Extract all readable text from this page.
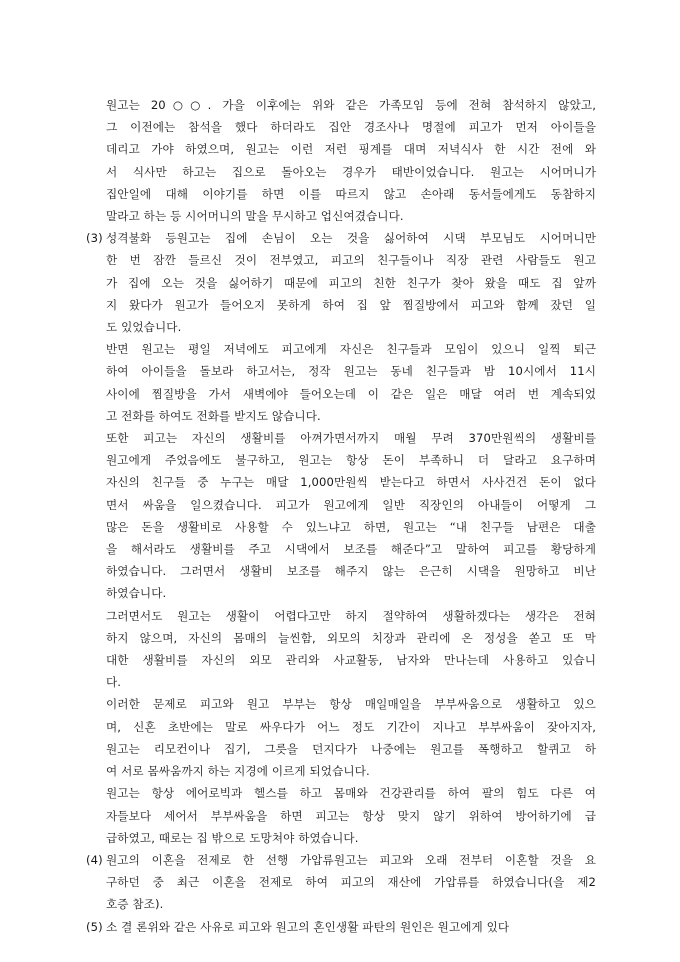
원고는 20○○. 가을 이후에는 위와 같은 가족모임 등에 전혀 참석하지 않았고,
그 이전에는 참석을 했다 하더라도 집안 경조사나 명절에 피고가 먼저 아이들을
데리고 가야 하였으며, 원고는 이런 저런 핑계를 대며 저녁식사 한 시간 전에 와
서 식사만 하고는 집으로 돌아오는 경우가 태반이었습니다. 원고는 시어머니가
집안일에 대해 이야기를 하면 이를 따르지 않고 손아래 동서들에게도 동참하지
말라고 하는 등 시어머니의 말을 무시하고 업신여겼습니다.
(3) 성격불화 등원고는 집에 손님이 오는 것을 싫어하여 시댁 부모님도 시어머니만
한 번 잠깐 들르신 것이 전부였고, 피고의 친구들이나 직장 관련 사람들도 원고
가 집에 오는 것을 싫어하기 때문에 피고의 친한 친구가 찾아 왔을 때도 집 앞까
지 왔다가 원고가 들어오지 못하게 하여 집 앞 찜질방에서 피고와 함께 잤던 일
도 있었습니다.
반면 원고는 평일 저녁에도 피고에게 자신은 친구들과 모임이 있으니 일찍 퇴근
하여 아이들을 돌보라 하고서는, 정작 원고는 동네 친구들과 밤 10시에서 11시
사이에 찜질방을 가서 새벽에야 들어오는데 이 같은 일은 매달 여러 번 계속되었
고 전화를 하여도 전화를 받지도 않습니다.
또한 피고는 자신의 생활비를 아껴가면서까지 매월 무려 370만원씩의 생활비를
원고에게 주었음에도 불구하고, 원고는 항상 돈이 부족하니 더 달라고 요구하며
자신의 친구들 중 누구는 매달 1,000만원씩 받는다고 하면서 사사건건 돈이 없다
면서 싸움을 일으켰습니다. 피고가 원고에게 일반 직장인의 아내들이 어떻게 그
많은 돈을 생활비로 사용할 수 있느냐고 하면, 원고는 “내 친구들 남편은 대출
을 해서라도 생활비를 주고 시댁에서 보조를 해준다”고 말하여 피고를 황당하게
하였습니다. 그러면서 생활비 보조를 해주지 않는 은근히 시댁을 원망하고 비난
하였습니다.
그러면서도 원고는 생활이 어렵다고만 하지 절약하여 생활하겠다는 생각은 전혀
하지 않으며, 자신의 몸매의 늘씬함, 외모의 치장과 관리에 온 정성을 쏟고 또 막
대한 생활비를 자신의 외모 관리와 사교활동, 남자와 만나는데 사용하고 있습니
다.
이러한 문제로 피고와 원고 부부는 항상 매일매일을 부부싸움으로 생활하고 있으
며, 신혼 초반에는 말로 싸우다가 어느 정도 기간이 지나고 부부싸움이 잦아지자,
원고는 리모컨이나 집기, 그릇을 던지다가 나중에는 원고를 폭행하고 할퀴고 하
여 서로 몸싸움까지 하는 지경에 이르게 되었습니다.
원고는 항상 에어로빅과 헬스를 하고 몸매와 건강관리를 하여 팔의 힘도 다른 여
자들보다 세어서 부부싸움을 하면 피고는 항상 맞지 않기 위하여 방어하기에 급
급하였고, 때로는 집 밖으로 도망쳐야 하였습니다.
(4) 원고의 이혼을 전제로 한 선행 가압류원고는 피고와 오래 전부터 이혼할 것을 요
구하던 중 최근 이혼을 전제로 하여 피고의 재산에 가압류를 하였습니다(을 제2
호증 참조).
(5) 소 결 론위와 같은 사유로 피고와 원고의 혼인생활 파탄의 원인은 원고에게 있다
